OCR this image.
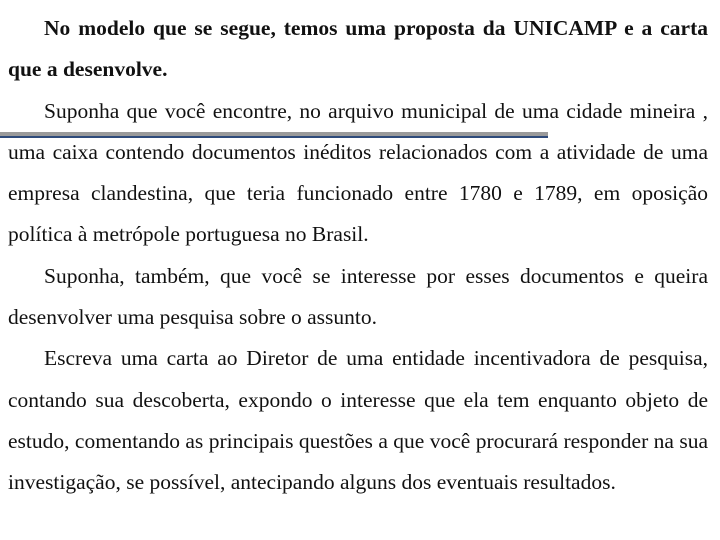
No modelo que se segue, temos uma proposta da UNICAMP e a carta que a desenvolve.

Suponha que você encontre, no arquivo municipal de uma cidade mineira , uma caixa contendo documentos inéditos relacionados com a atividade de uma empresa clandestina, que teria funcionado entre 1780 e 1789, em oposição política à metrópole portuguesa no Brasil.

Suponha, também, que você se interesse por esses documentos e queira desenvolver uma pesquisa sobre o assunto.

Escreva uma carta ao Diretor de uma entidade incentivadora de pesquisa, contando sua descoberta, expondo o interesse que ela tem enquanto objeto de estudo, comentando as principais questões a que você procurará responder na sua investigação, se possível, antecipando alguns dos eventuais resultados.
